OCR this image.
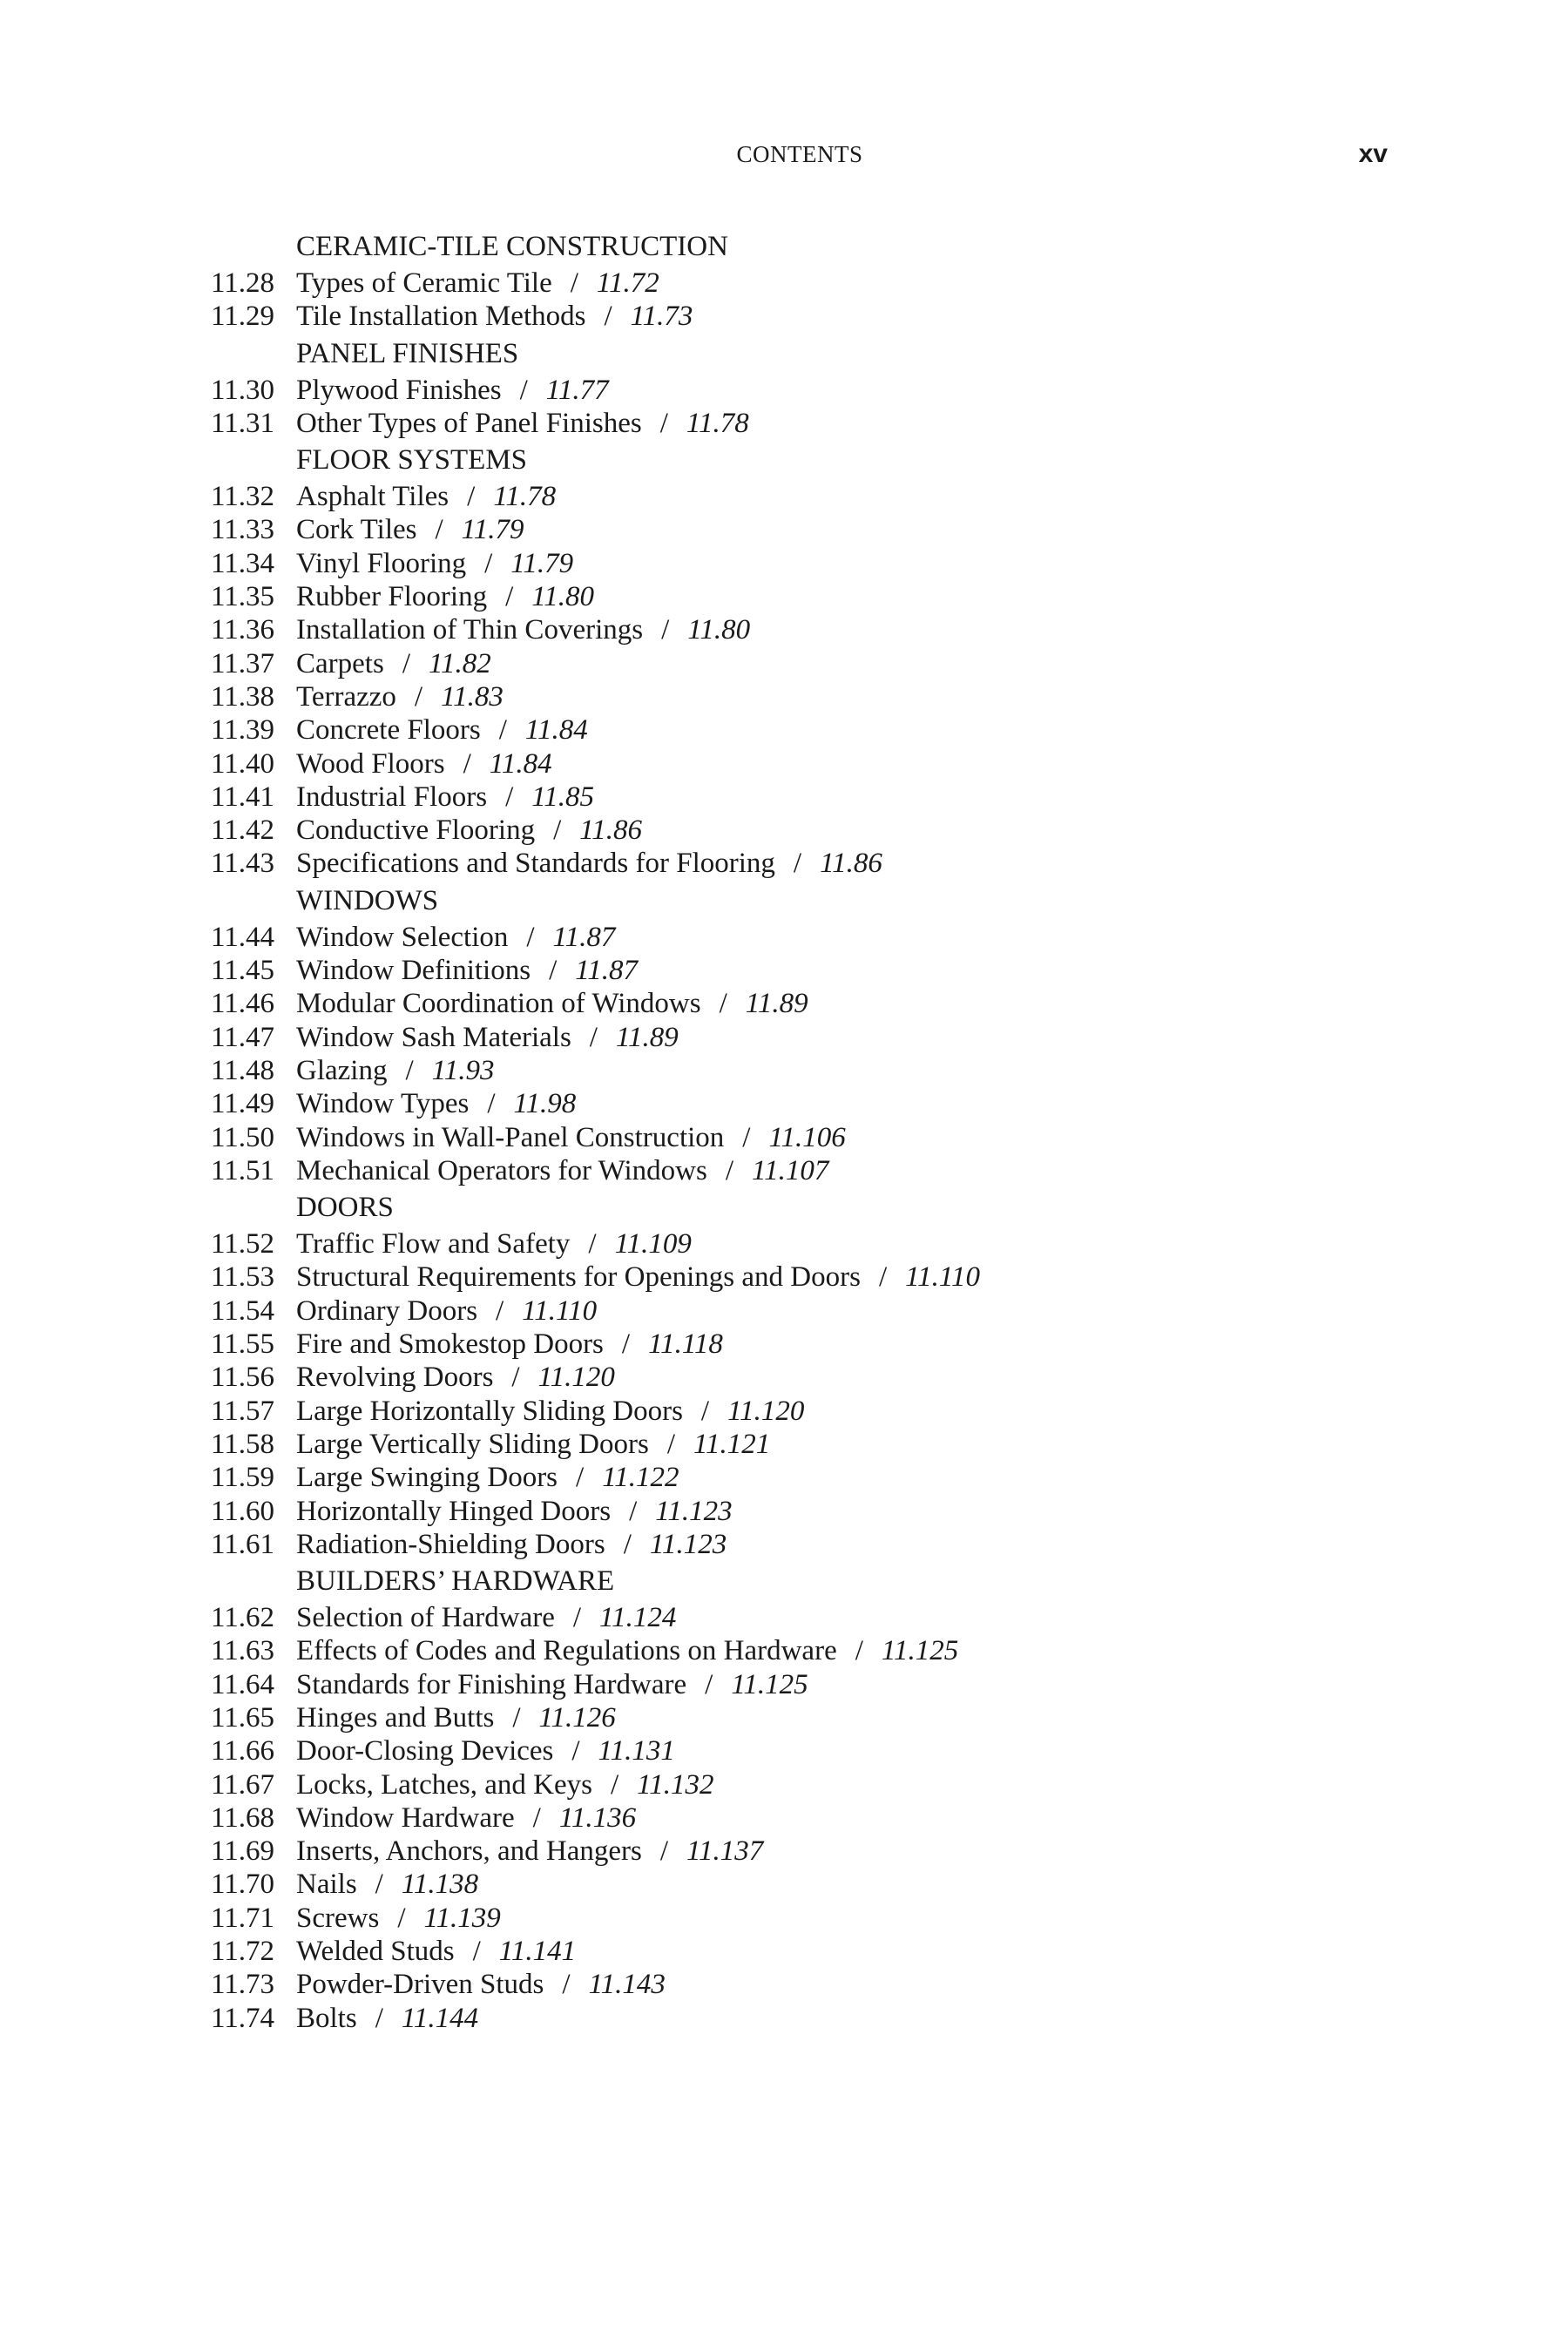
CONTENTS	xv
CERAMIC-TILE CONSTRUCTION
11.28 Types of Ceramic Tile / 11.72
11.29 Tile Installation Methods / 11.73
PANEL FINISHES
11.30 Plywood Finishes / 11.77
11.31 Other Types of Panel Finishes / 11.78
FLOOR SYSTEMS
11.32 Asphalt Tiles / 11.78
11.33 Cork Tiles / 11.79
11.34 Vinyl Flooring / 11.79
11.35 Rubber Flooring / 11.80
11.36 Installation of Thin Coverings / 11.80
11.37 Carpets / 11.82
11.38 Terrazzo / 11.83
11.39 Concrete Floors / 11.84
11.40 Wood Floors / 11.84
11.41 Industrial Floors / 11.85
11.42 Conductive Flooring / 11.86
11.43 Specifications and Standards for Flooring / 11.86
WINDOWS
11.44 Window Selection / 11.87
11.45 Window Definitions / 11.87
11.46 Modular Coordination of Windows / 11.89
11.47 Window Sash Materials / 11.89
11.48 Glazing / 11.93
11.49 Window Types / 11.98
11.50 Windows in Wall-Panel Construction / 11.106
11.51 Mechanical Operators for Windows / 11.107
DOORS
11.52 Traffic Flow and Safety / 11.109
11.53 Structural Requirements for Openings and Doors / 11.110
11.54 Ordinary Doors / 11.110
11.55 Fire and Smokestop Doors / 11.118
11.56 Revolving Doors / 11.120
11.57 Large Horizontally Sliding Doors / 11.120
11.58 Large Vertically Sliding Doors / 11.121
11.59 Large Swinging Doors / 11.122
11.60 Horizontally Hinged Doors / 11.123
11.61 Radiation-Shielding Doors / 11.123
BUILDERS’ HARDWARE
11.62 Selection of Hardware / 11.124
11.63 Effects of Codes and Regulations on Hardware / 11.125
11.64 Standards for Finishing Hardware / 11.125
11.65 Hinges and Butts / 11.126
11.66 Door-Closing Devices / 11.131
11.67 Locks, Latches, and Keys / 11.132
11.68 Window Hardware / 11.136
11.69 Inserts, Anchors, and Hangers / 11.137
11.70 Nails / 11.138
11.71 Screws / 11.139
11.72 Welded Studs / 11.141
11.73 Powder-Driven Studs / 11.143
11.74 Bolts / 11.144
